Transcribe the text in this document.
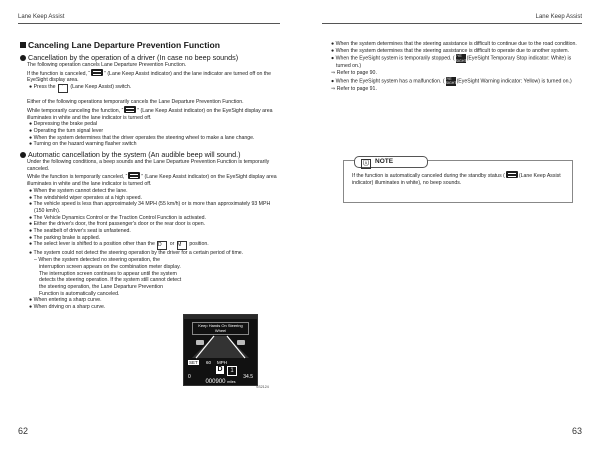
Lane Keep Assist	Lane Keep Assist
Canceling Lane Departure Prevention Function
Cancellation by the operation of a driver (In case no beep sounds)

The following operation cancels Lane Departure Prevention Function.

If the function is canceled, “	” (Lane Keep Assist indicator) and the lane indicator are turned off on the EyeSight display area.

● Press the ⌒ (Lane Keep Assist) switch.

Either of the following operations temporarily cancels the Lane Departure Prevention Function.

While temporarily canceling the function, “	” (Lane Keep Assist indicator) on the EyeSight display area illuminates in white and the lane indicator is turned off.

● Depressing the brake pedal

● Operating the turn signal lever

● When the system determines that the driver operates the steering wheel to make a lane change.

● Turning on the hazard warning flasher switch

Automatic cancellation by the system (An audible beep will sound.)

Under the following conditions, a beep sounds and the Lane Departure Prevention Function is temporarily canceled.

While the function is temporarily canceled, “	” (Lane Keep Assist indicator) on the EyeSight display area illuminates in white and the lane indicator is turned off.

● When the system cannot detect the lane.

● The windshield wiper operates at a high speed.

● The vehicle speed is less than approximately 34 MPH (55 km/h) or is more than approximately 93 MPH (150 km/h).

● The Vehicle Dynamics Control or the Traction Control Function is activated.

● Either the driver's door, the front passenger's door or the rear door is open.

● The seatbelt of driver's seat is unfastened.

● The parking brake is applied.

● The select lever is shifted to a position other than the D or M position.

● The system could not detect the steering operation by the driver for a certain period of time.

– When the system detected no steering operation, the interruption screen appears on the combination meter display. The interruption screen continues to appear until the system detects the steering operation. If the system still cannot detect the steering operation, the Lane Departure Prevention Function is automatically canceled.

● When entering a sharp curve.

● When driving on a sharp curve.

Keep Hands On Steering Wheel
SET 60 MPH
D	1
0	34.5
000900 miles
SS2124

● When the system determines that the steering assistance is difficult to continue due to the road condition.

● When the system determines that the steering assistance is difficult to operate due to another system.

● When the EyeSight system is temporarily stopped. (EYE SIGHT(EyeSight Temporary Stop indicator: White) is turned on.)

⇒ Refer to page 90.

● When the EyeSight system has a malfunction. (EYE SIGHT(EyeSight Warning indicator: Yellow) is turned on.)

⇒ Refer to page 91.

ⓘ NOTE
If the function is automatically canceled during the standby status (	(Lane Keep Assist indicator) illuminates in white), no beep sounds.
62	63
